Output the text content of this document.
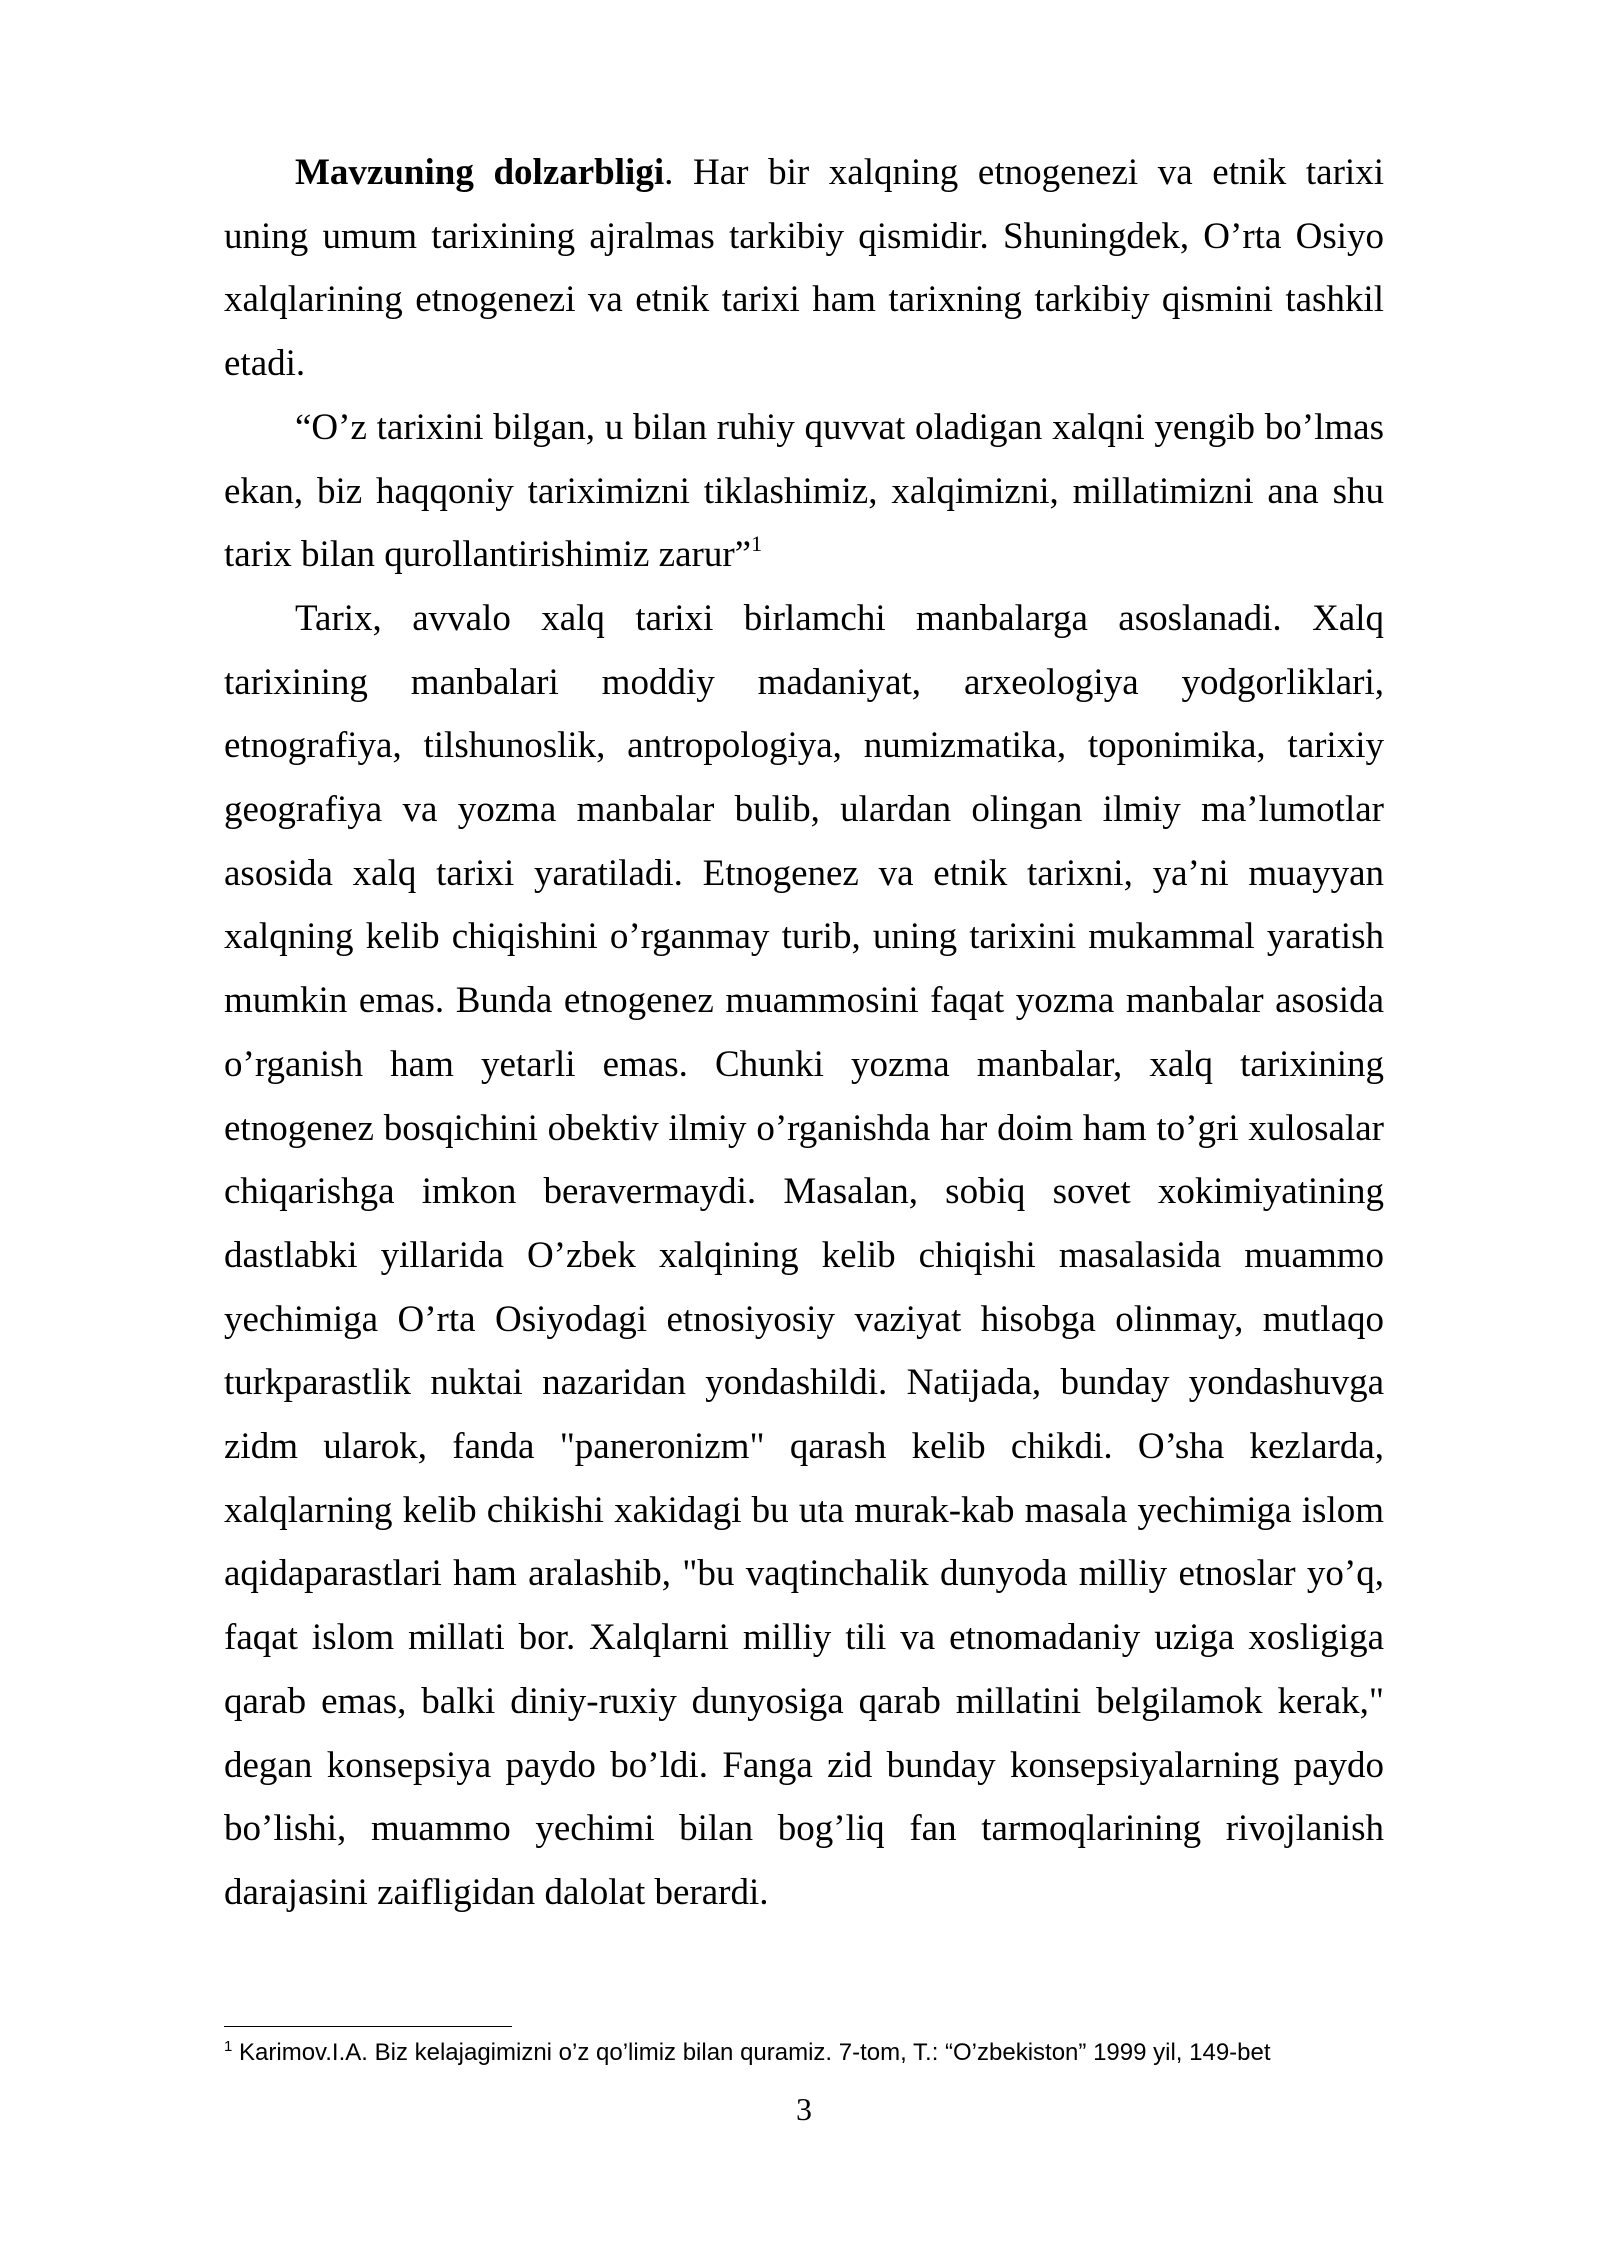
Mavzuning dolzarbligi. Har bir xalqning etnogenezi va etnik tarixi
uning umum tarixining ajralmas tarkibiy qismidir. Shuningdek, O’rta Osiyo
xalqlarining etnogenezi va etnik tarixi ham tarixning tarkibiy qismini tashkil
etadi.
“O’z tarixini bilgan, u bilan ruhiy quvvat oladigan xalqni yengib bo’lmas
ekan, biz haqqoniy tariximizni tiklashimiz, xalqimizni, millatimizni ana shu
tarix bilan qurollantirishimiz zarur”$^1$
Tarix, avvalo xalq tarixi birlamchi manbalarga asoslanadi. Xalq
tarixining manbalari moddiy madaniyat, arxeologiya yodgorliklari,
etnografiya, tilshunoslik, antropologiya, numizmatika, toponimika, tarixiy
geografiya va yozma manbalar bulib, ulardan olingan ilmiy ma’lumotlar
asosida xalq tarixi yaratiladi. Etnogenez va etnik tarixni, ya’ni muayyan
xalqning kelib chiqishini o’rganmay turib, uning tarixini mukammal yaratish
mumkin emas. Bunda etnogenez muammosini faqat yozma manbalar asosida
o’rganish ham yetarli emas. Chunki yozma manbalar, xalq tarixining
etnogenez bosqichini obektiv ilmiy o’rganishda har doim ham to’gri xulosalar
chiqarishga imkon beravermaydi. Masalan, sobiq sovet xokimiyatining
dastlabki yillarida O’zbek xalqining kelib chiqishi masalasida muammo
yechimiga O’rta Osiyodagi etnosiyosiy vaziyat hisobga olinmay, mutlaqo
turkparastlik nuktai nazaridan yondashildi. Natijada, bunday yondashuvga
zidm ularok, fanda "paneronizm" qarash kelib chikdi. O’sha kezlarda,
xalqlarning kelib chikishi xakidagi bu uta murak-kab masala yechimiga islom
aqidaparastlari ham aralashib, "bu vaqtinchalik dunyoda milliy etnoslar yo’q,
faqat islom millati bor. Xalqlarni milliy tili va etnomadaniy uziga xosligiga
qarab emas, balki diniy-ruxiy dunyosiga qarab millatini belgilamok kerak,"
degan konsepsiya paydo bo’ldi. Fanga zid bunday konsepsiyalarning paydo
bo’lishi, muammo yechimi bilan bog’liq fan tarmoqlarining rivojlanish
darajasini zaifligidan dalolat berardi.
$^1$ Karimov.I.A. Biz kelajagimizni o’z qo’limiz bilan quramiz. 7-tom, T.: “O’zbekiston” 1999 yil, 149-bet
3
